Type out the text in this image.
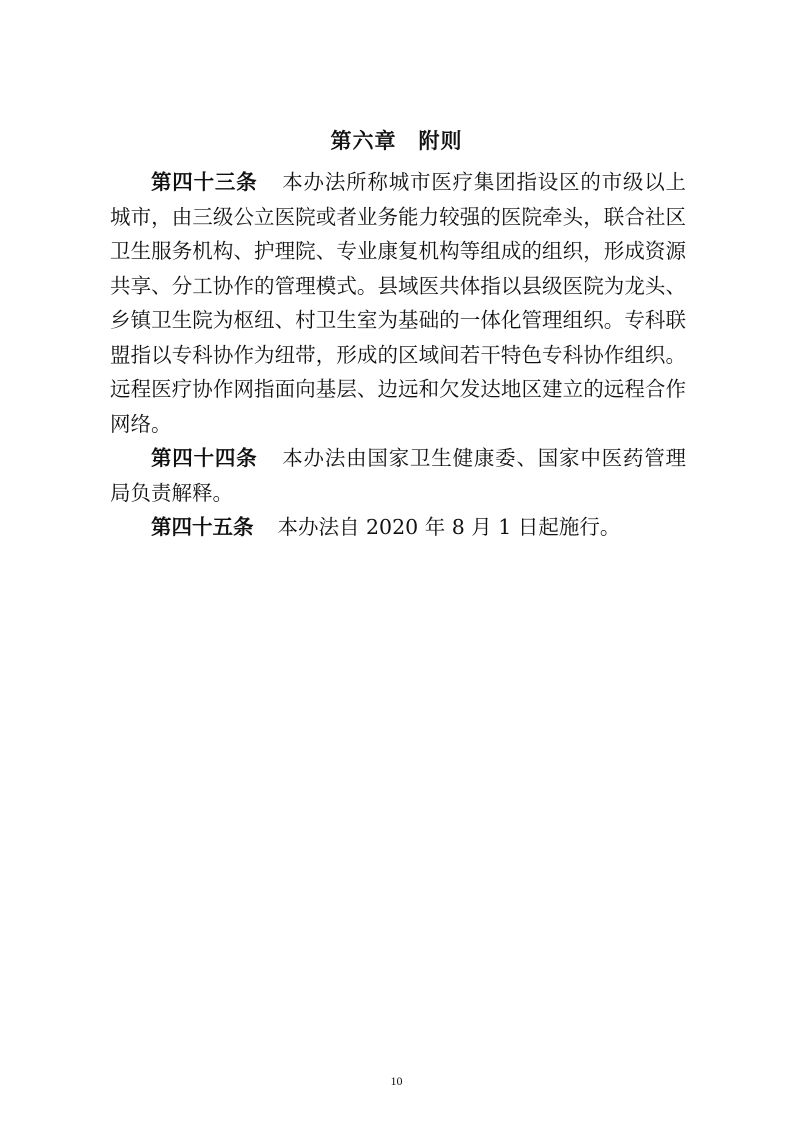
第六章 附则

第四十三条 本办法所称城市医疗集团指设区的市级以上城市，由三级公立医院或者业务能力较强的医院牵头，联合社区卫生服务机构、护理院、专业康复机构等组成的组织，形成资源共享、分工协作的管理模式。县域医共体指以县级医院为龙头、乡镇卫生院为枢纽、村卫生室为基础的一体化管理组织。专科联盟指以专科协作为纽带，形成的区域间若干特色专科协作组织。远程医疗协作网指面向基层、边远和欠发达地区建立的远程合作网络。

第四十四条 本办法由国家卫生健康委、国家中医药管理局负责解释。

第四十五条 本办法自 2020 年 8 月 1 日起施行。

10
